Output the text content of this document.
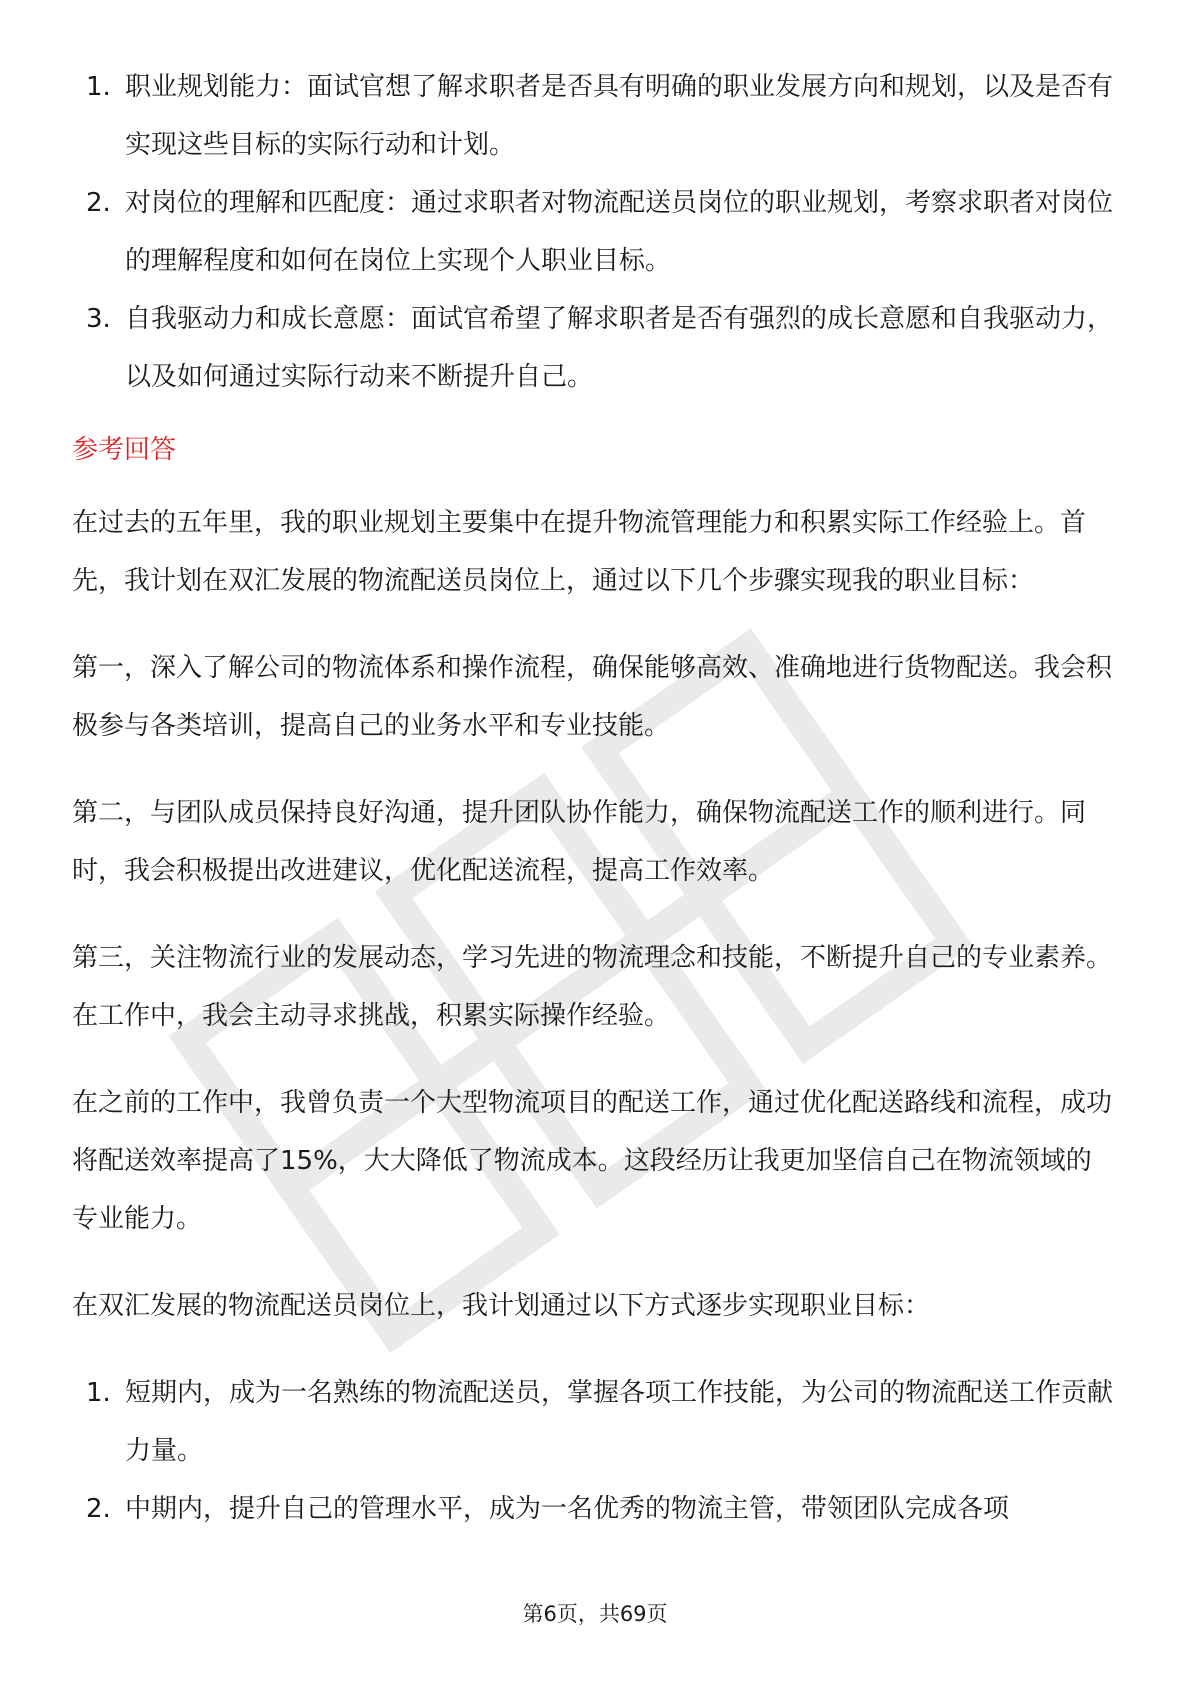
1. 职业规划能力：面试官想了解求职者是否具有明确的职业发展方向和规划，以及是否有实现这些目标的实际行动和计划。
2. 对岗位的理解和匹配度：通过求职者对物流配送员岗位的职业规划，考察求职者对岗位的理解程度和如何在岗位上实现个人职业目标。
3. 自我驱动力和成长意愿：面试官希望了解求职者是否有强烈的成长意愿和自我驱动力，以及如何通过实际行动来不断提升自己。
参考回答

在过去的五年里，我的职业规划主要集中在提升物流管理能力和积累实际工作经验上。首先，我计划在双汇发展的物流配送员岗位上，通过以下几个步骤实现我的职业目标：

第一，深入了解公司的物流体系和操作流程，确保能够高效、准确地进行货物配送。我会积极参与各类培训，提高自己的业务水平和专业技能。

第二，与团队成员保持良好沟通，提升团队协作能力，确保物流配送工作的顺利进行。同时，我会积极提出改进建议，优化配送流程，提高工作效率。

第三，关注物流行业的发展动态，学习先进的物流理念和技能，不断提升自己的专业素养。在工作中，我会主动寻求挑战，积累实际操作经验。

在之前的工作中，我曾负责一个大型物流项目的配送工作，通过优化配送路线和流程，成功将配送效率提高了15%，大大降低了物流成本。这段经历让我更加坚信自己在物流领域的专业能力。

在双汇发展的物流配送员岗位上，我计划通过以下方式逐步实现职业目标：

1. 短期内，成为一名熟练的物流配送员，掌握各项工作技能，为公司的物流配送工作贡献力量。
2. 中期内，提升自己的管理水平，成为一名优秀的物流主管，带领团队完成各项
第6页，共69页
